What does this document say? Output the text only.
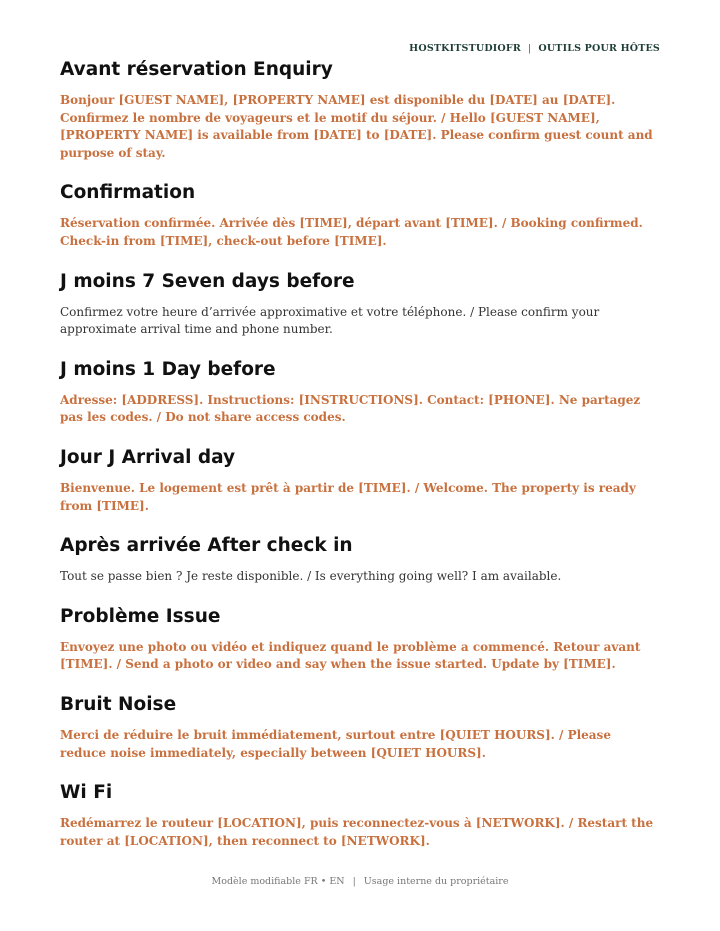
HOSTKITSTUDIOFR | OUTILS POUR HÔTES
Avant réservation Enquiry

Bonjour [GUEST NAME], [PROPERTY NAME] est disponible du [DATE] au [DATE]. Confirmez le nombre de voyageurs et le motif du séjour. / Hello [GUEST NAME], [PROPERTY NAME] is available from [DATE] to [DATE]. Please confirm guest count and purpose of stay.

Confirmation

Réservation confirmée. Arrivée dès [TIME], départ avant [TIME]. / Booking confirmed. Check-in from [TIME], check-out before [TIME].

J moins 7 Seven days before

Confirmez votre heure d’arrivée approximative et votre téléphone. / Please confirm your approximate arrival time and phone number.

J moins 1 Day before

Adresse: [ADDRESS]. Instructions: [INSTRUCTIONS]. Contact: [PHONE]. Ne partagez pas les codes. / Do not share access codes.

Jour J Arrival day

Bienvenue. Le logement est prêt à partir de [TIME]. / Welcome. The property is ready from [TIME].

Après arrivée After check in

Tout se passe bien ? Je reste disponible. / Is everything going well? I am available.

Problème Issue

Envoyez une photo ou vidéo et indiquez quand le problème a commencé. Retour avant [TIME]. / Send a photo or video and say when the issue started. Update by [TIME].

Bruit Noise

Merci de réduire le bruit immédiatement, surtout entre [QUIET HOURS]. / Please reduce noise immediately, especially between [QUIET HOURS].

Wi Fi

Redémarrez le routeur [LOCATION], puis reconnectez-vous à [NETWORK]. / Restart the router at [LOCATION], then reconnect to [NETWORK].

Modèle modifiable FR • EN | Usage interne du propriétaire
